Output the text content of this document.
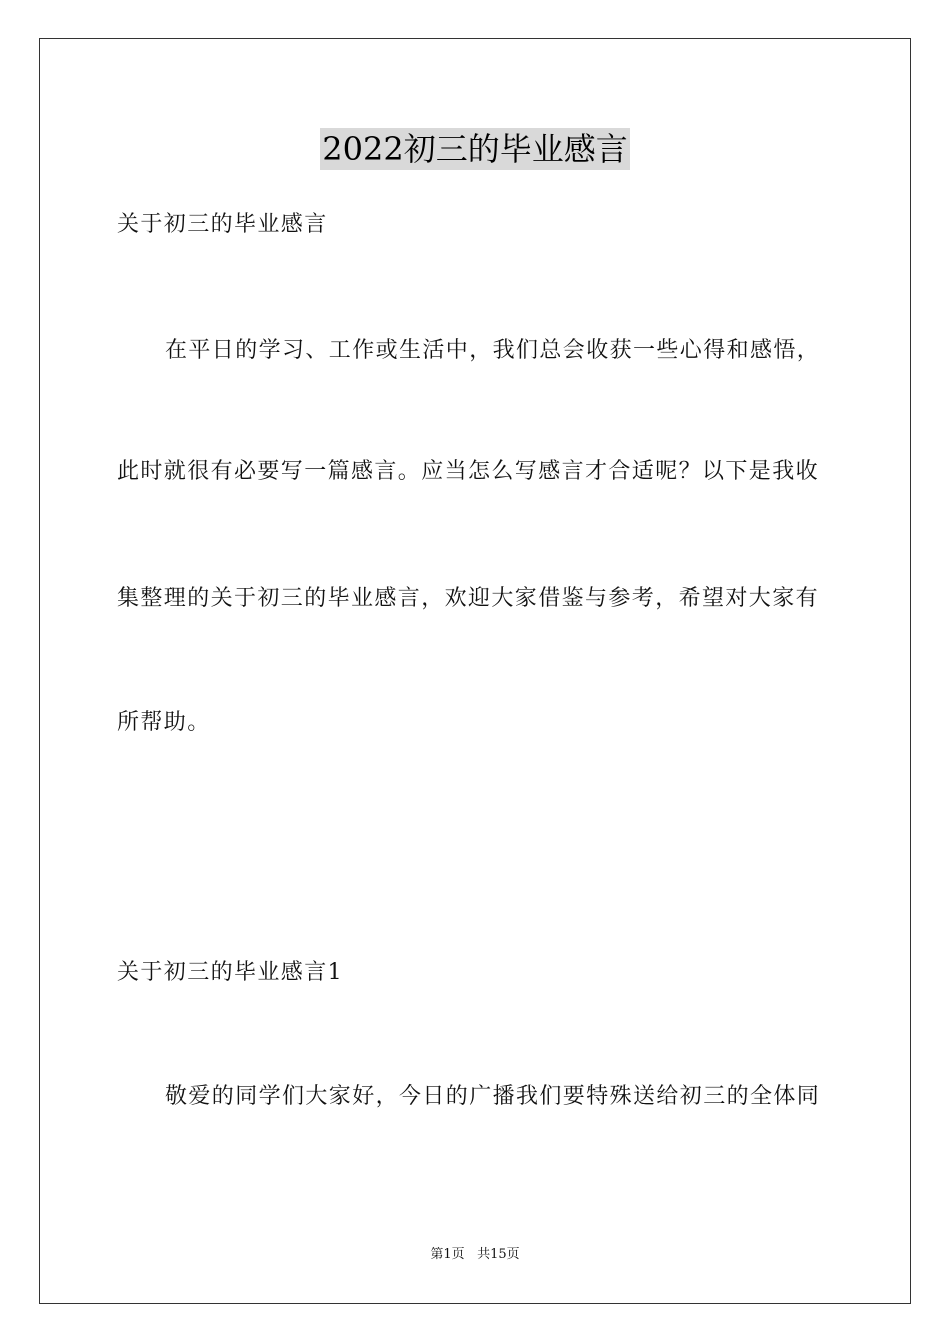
2022初三的毕业感言
关于初三的毕业感言
在平日的学习、工作或生活中，我们总会收获一些心得和感悟，
此时就很有必要写一篇感言。应当怎么写感言才合适呢？以下是我收
集整理的关于初三的毕业感言，欢迎大家借鉴与参考，希望对大家有
所帮助。
关于初三的毕业感言1
敬爱的同学们大家好，今日的广播我们要特殊送给初三的全体同
第1页 共15页
